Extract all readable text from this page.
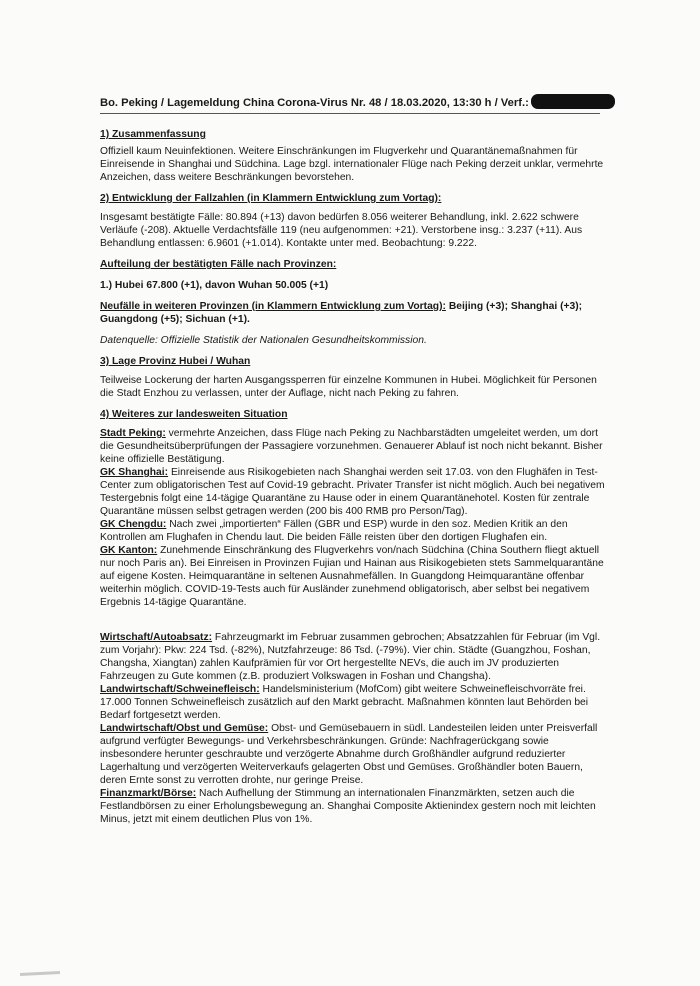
Bo. Peking / Lagemeldung China Corona-Virus Nr. 48 / 18.03.2020, 13:30 h / Verf.:

1) Zusammenfassung

Offiziell kaum Neuinfektionen. Weitere Einschränkungen im Flugverkehr und Quarantänemaßnahmen für Einreisende in Shanghai und Südchina. Lage bzgl. internationaler Flüge nach Peking derzeit unklar, vermehrte Anzeichen, dass weitere Beschränkungen bevorstehen.

2) Entwicklung der Fallzahlen (in Klammern Entwicklung zum Vortag):

Insgesamt bestätigte Fälle: 80.894 (+13) davon bedürfen 8.056 weiterer Behandlung, inkl. 2.622 schwere Verläufe (-208). Aktuelle Verdachtsfälle 119 (neu aufgenommen: +21). Verstorbene insg.: 3.237 (+11). Aus Behandlung entlassen: 6.9601 (+1.014). Kontakte unter med. Beobachtung: 9.222.

Aufteilung der bestätigten Fälle nach Provinzen:

1.) Hubei 67.800 (+1), davon Wuhan 50.005 (+1)

Neufälle in weiteren Provinzen (in Klammern Entwicklung zum Vortag): Beijing (+3); Shanghai (+3); Guangdong (+5); Sichuan (+1).

Datenquelle: Offizielle Statistik der Nationalen Gesundheitskommission.

3) Lage Provinz Hubei / Wuhan

Teilweise Lockerung der harten Ausgangssperren für einzelne Kommunen in Hubei. Möglichkeit für Personen die Stadt Enzhou zu verlassen, unter der Auflage, nicht nach Peking zu fahren.

4) Weiteres zur landesweiten Situation

Stadt Peking: vermehrte Anzeichen, dass Flüge nach Peking zu Nachbarstädten umgeleitet werden, um dort die Gesundheitsüberprüfungen der Passagiere vorzunehmen. Genauerer Ablauf ist noch nicht bekannt. Bisher keine offizielle Bestätigung.

GK Shanghai: Einreisende aus Risikogebieten nach Shanghai werden seit 17.03. von den Flughäfen in Test-Center zum obligatorischen Test auf Covid-19 gebracht. Privater Transfer ist nicht möglich. Auch bei negativem Testergebnis folgt eine 14-tägige Quarantäne zu Hause oder in einem Quarantänehotel. Kosten für zentrale Quarantäne müssen selbst getragen werden (200 bis 400 RMB pro Person/Tag).

GK Chengdu: Nach zwei „importierten“ Fällen (GBR und ESP) wurde in den soz. Medien Kritik an den Kontrollen am Flughafen in Chendu laut. Die beiden Fälle reisten über den dortigen Flughafen ein.

GK Kanton: Zunehmende Einschränkung des Flugverkehrs von/nach Südchina (China Southern fliegt aktuell nur noch Paris an). Bei Einreisen in Provinzen Fujian und Hainan aus Risikogebieten stets Sammelquarantäne auf eigene Kosten. Heimquarantäne in seltenen Ausnahmefällen. In Guangdong Heimquarantäne offenbar weiterhin möglich. COVID-19-Tests auch für Ausländer zunehmend obligatorisch, aber selbst bei negativem Ergebnis 14-tägige Quarantäne.

Wirtschaft/Autoabsatz: Fahrzeugmarkt im Februar zusammen gebrochen; Absatzzahlen für Februar (im Vgl. zum Vorjahr): Pkw: 224 Tsd. (-82%), Nutzfahrzeuge: 86 Tsd. (-79%). Vier chin. Städte (Guangzhou, Foshan, Changsha, Xiangtan) zahlen Kaufprämien für vor Ort hergestellte NEVs, die auch im JV produzierten Fahrzeugen zu Gute kommen (z.B. produziert Volkswagen in Foshan und Changsha).

Landwirtschaft/Schweinefleisch: Handelsministerium (MofCom) gibt weitere Schweinefleischvorräte frei. 17.000 Tonnen Schweinefleisch zusätzlich auf den Markt gebracht. Maßnahmen könnten laut Behörden bei Bedarf fortgesetzt werden.

Landwirtschaft/Obst und Gemüse: Obst- und Gemüsebauern in südl. Landesteilen leiden unter Preisverfall aufgrund verfügter Bewegungs- und Verkehrsbeschränkungen. Gründe: Nachfragerückgang sowie insbesondere herunter geschraubte und verzögerte Abnahme durch Großhändler aufgrund reduzierter Lagerhaltung und verzögerten Weiterverkaufs gelagerten Obst und Gemüses. Großhändler boten Bauern, deren Ernte sonst zu verrotten drohte, nur geringe Preise.

Finanzmarkt/Börse: Nach Aufhellung der Stimmung an internationalen Finanzmärkten, setzen auch die Festlandbörsen zu einer Erholungsbewegung an. Shanghai Composite Aktienindex gestern noch mit leichten Minus, jetzt mit einem deutlichen Plus von 1%.
